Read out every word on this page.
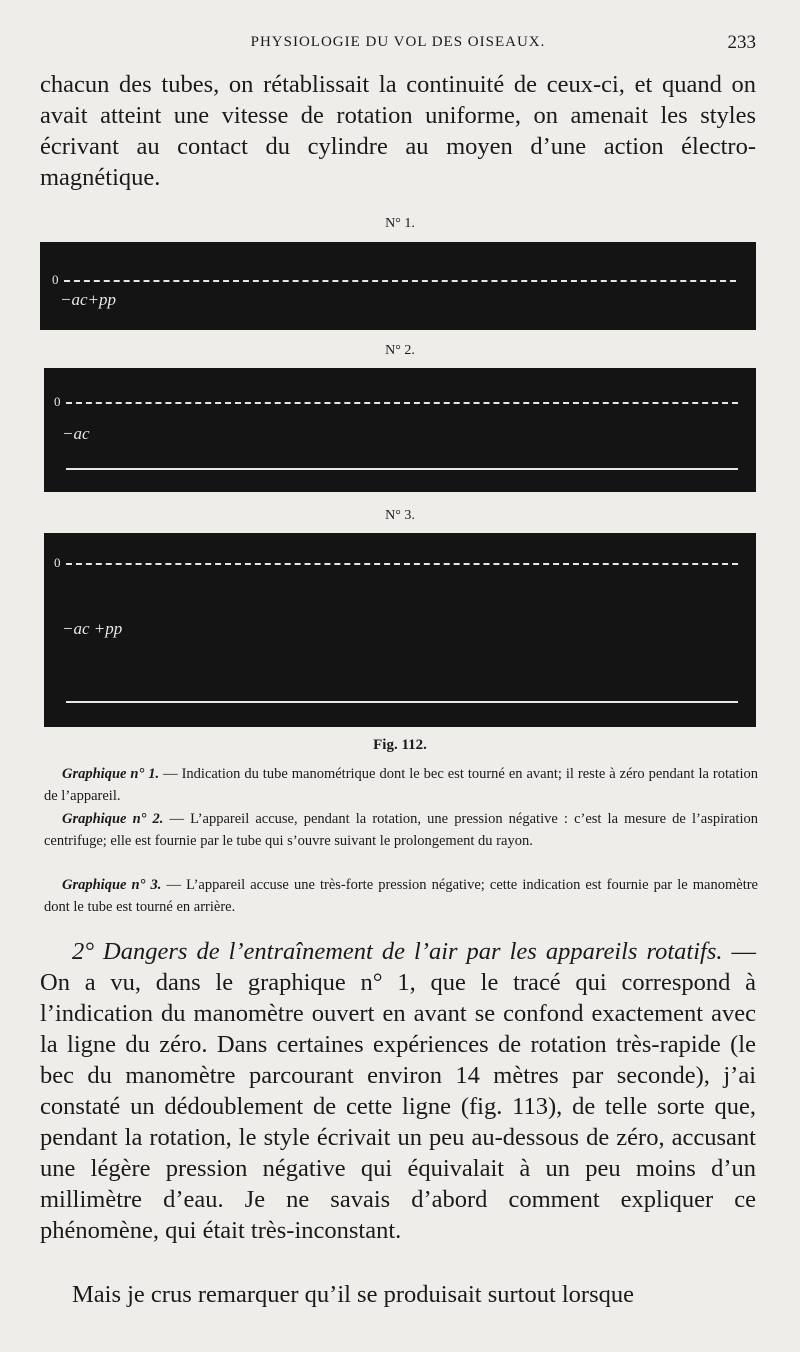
PHYSIOLOGIE DU VOL DES OISEAUX.	233

chacun des tubes, on rétablissait la continuité de ceux-ci, et quand on avait atteint une vitesse de rotation uniforme, on amenait les styles écrivant au contact du cylindre au moyen d’une action électro-magnétique.

N° 1.
0
−ac+pp
N° 2.
0
−ac
N° 3.
0
−ac +pp
Fig. 112.

Graphique n° 1. — Indication du tube manométrique dont le bec est tourné en avant; il reste à zéro pendant la rotation de l’appareil.

Graphique n° 2. — L’appareil accuse, pendant la rotation, une pression négative : c’est la mesure de l’aspiration centrifuge; elle est fournie par le tube qui s’ouvre suivant le prolongement du rayon.

Graphique n° 3. — L’appareil accuse une très-forte pression négative; cette indication est fournie par le manomètre dont le tube est tourné en arrière.

2° Dangers de l’entraînement de l’air par les appareils rotatifs. — On a vu, dans le graphique n° 1, que le tracé qui correspond à l’indication du manomètre ouvert en avant se confond exactement avec la ligne du zéro. Dans certaines expériences de rotation très-rapide (le bec du manomètre parcourant environ 14 mètres par seconde), j’ai constaté un dédoublement de cette ligne (fig. 113), de telle sorte que, pendant la rotation, le style écrivait un peu au-dessous de zéro, accusant une légère pression négative qui équivalait à un peu moins d’un millimètre d’eau. Je ne savais d’abord comment expliquer ce phénomène, qui était très-inconstant.

Mais je crus remarquer qu’il se produisait surtout lorsque
